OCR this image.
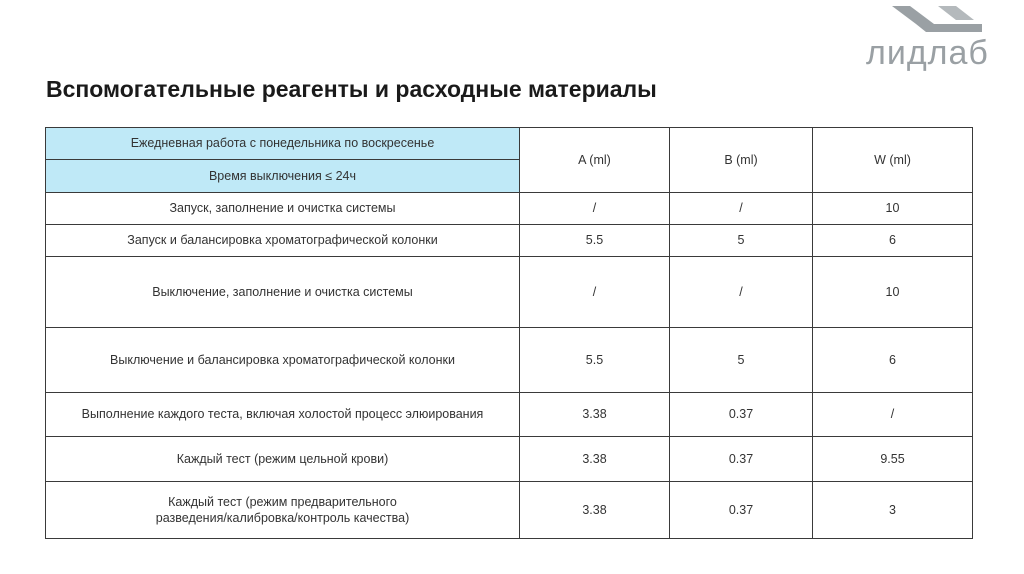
лидлаб
Вспомогательные реагенты и расходные материалы
Ежедневная работа с понедельника по воскресенье	A (ml)	B (ml)	W (ml)
Время выключения ≤ 24ч			
Запуск, заполнение и очистка системы	/	/	10
Запуск и балансировка хроматографической колонки	5.5	5	6
Выключение, заполнение и очистка системы	/	/	10
Выключение и балансировка хроматографической колонки	5.5	5	6
Выполнение каждого теста, включая холостой процесс элюирования	3.38	0.37	/
Каждый тест (режим цельной крови)	3.38	0.37	9.55
Каждый тест (режим предварительного разведения/калибровка/контроль качества)	3.38	0.37	3
